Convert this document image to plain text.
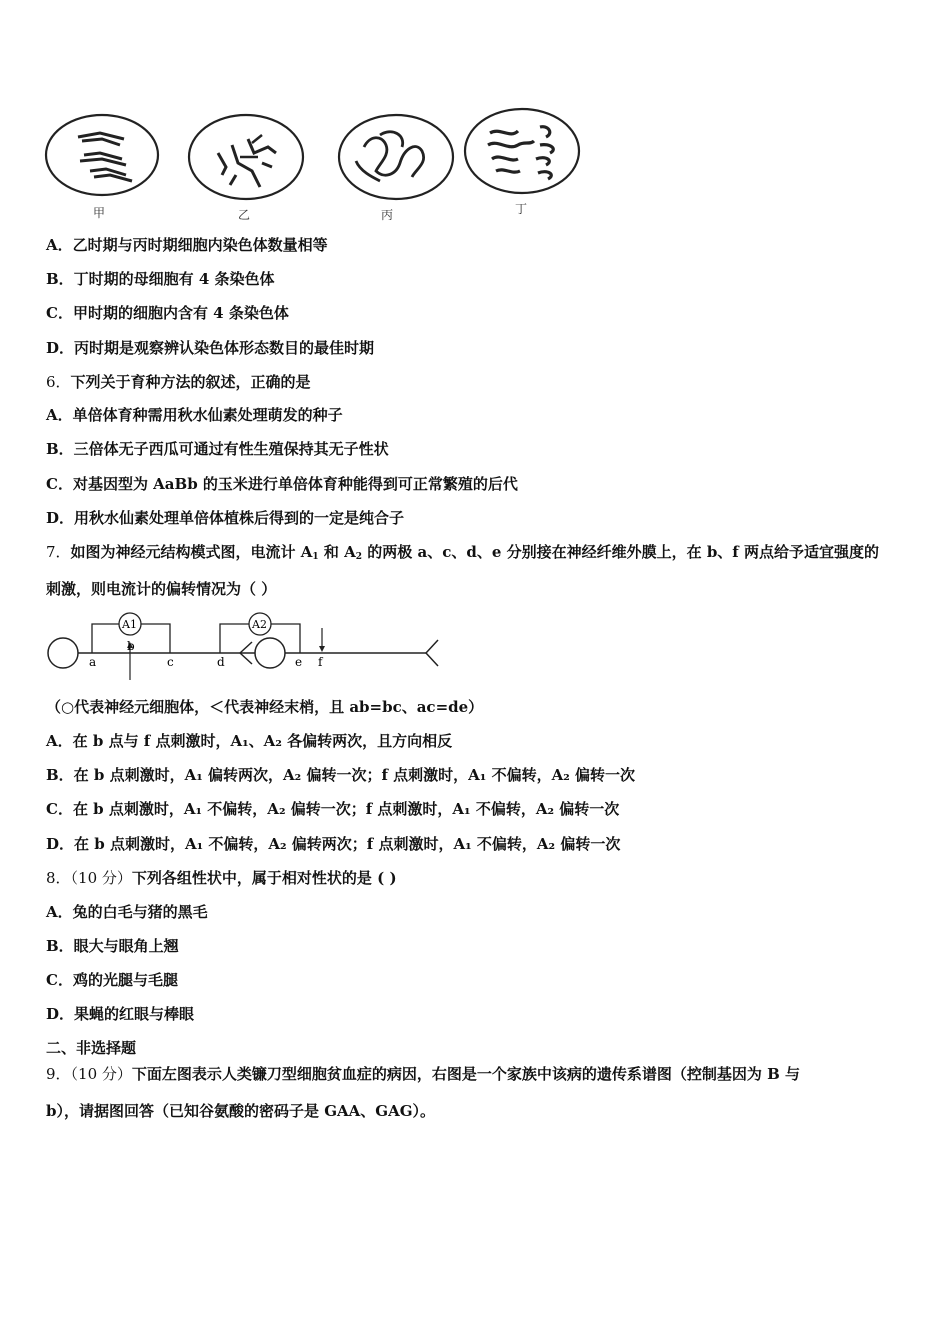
甲	乙	丙	丁
A．乙时期与丙时期细胞内染色体数量相等
B．丁时期的母细胞有 4 条染色体
C．甲时期的细胞内含有 4 条染色体
D．丙时期是观察辨认染色体形态数目的最佳时期
6．下列关于育种方法的叙述，正确的是
A．单倍体育种需用秋水仙素处理萌发的种子
B．三倍体无子西瓜可通过有性生殖保持其无子性状
C．对基因型为 AaBb 的玉米进行单倍体育种能得到可正常繁殖的后代
D．用秋水仙素处理单倍体植株后得到的一定是纯合子
7．如图为神经元结构模式图，电流计 $A_1$ 和 $A_2$ 的两极 a、c、d、e 分别接在神经纤维外膜上，在 b、f 两点给予适宜强度的
刺激，则电流计的偏转情况为（ ）
A1	A2
a
b
c	d	e f
（○代表神经元细胞体，＜代表神经末梢，且 ab=bc、ac=de）
A．在 b 点与 f 点刺激时，A₁、A₂ 各偏转两次，且方向相反
B．在 b 点刺激时，A₁ 偏转两次，A₂ 偏转一次；f 点刺激时，A₁ 不偏转，A₂ 偏转一次
C．在 b 点刺激时，A₁ 不偏转，A₂ 偏转一次；f 点刺激时，A₁ 不偏转，A₂ 偏转一次
D．在 b 点刺激时，A₁ 不偏转，A₂ 偏转两次；f 点刺激时，A₁ 不偏转，A₂ 偏转一次
8．（10 分）下列各组性状中，属于相对性状的是 ( )
A．兔的白毛与猪的黑毛
B．眼大与眼角上翘
C．鸡的光腿与毛腿
D．果蝇的红眼与棒眼
二、非选择题
9．（10 分）下面左图表示人类镰刀型细胞贫血症的病因，右图是一个家族中该病的遗传系谱图（控制基因为 B 与
b），请据图回答（已知谷氨酸的密码子是 GAA、GAG）。
